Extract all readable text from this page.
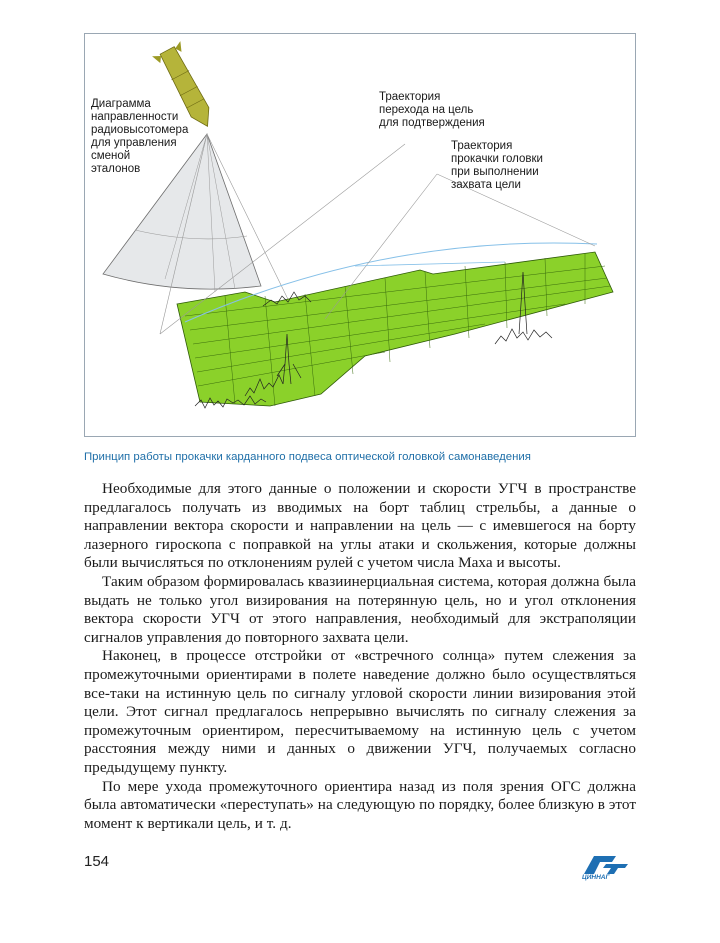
Диаграмма
направленности
радиовысотомера
для управления
сменой
эталонов
Траектория
перехода на цель
для подтверждения
Траектория
прокачки головки
при выполнении
захвата цели
Принцип работы прокачки карданного подвеса оптической головкой самонаведения

Необходимые для этого данные о положении и скорости УГЧ в пространстве предлагалось получать из вводимых на борт таблиц стрельбы, а данные о направлении вектора скорости и направлении на цель — с имевшегося на борту лазерного гироскопа с поправкой на углы атаки и скольжения, которые должны были вычисляться по отклонениям рулей с учетом числа Маха и высоты.

Таким образом формировалась квазиинерциальная система, которая должна была выдать не только угол визирования на потерянную цель, но и угол отклонения вектора скорости УГЧ от этого направления, необходимый для экстраполяции сигналов управления до повторного захвата цели.

Наконец, в процессе отстройки от «встречного солнца» путем слежения за промежуточными ориентирами в полете наведение должно было осуществляться все-таки на истинную цель по сигналу угловой скорости линии визирования этой цели. Этот сигнал предлагалось непрерывно вычислять по сигналу слежения за промежуточным ориентиром, пересчитываемому на истинную цель с учетом расстояния между ними и данных о движении УГЧ, получаемых согласно предыдущему пункту.

По мере ухода промежуточного ориентира назад из поля зрения ОГС должна была автоматически «переступать» на следующую по порядку, более близкую в этот момент к вертикали цель, и т. д.

154
ЦИННАГ
